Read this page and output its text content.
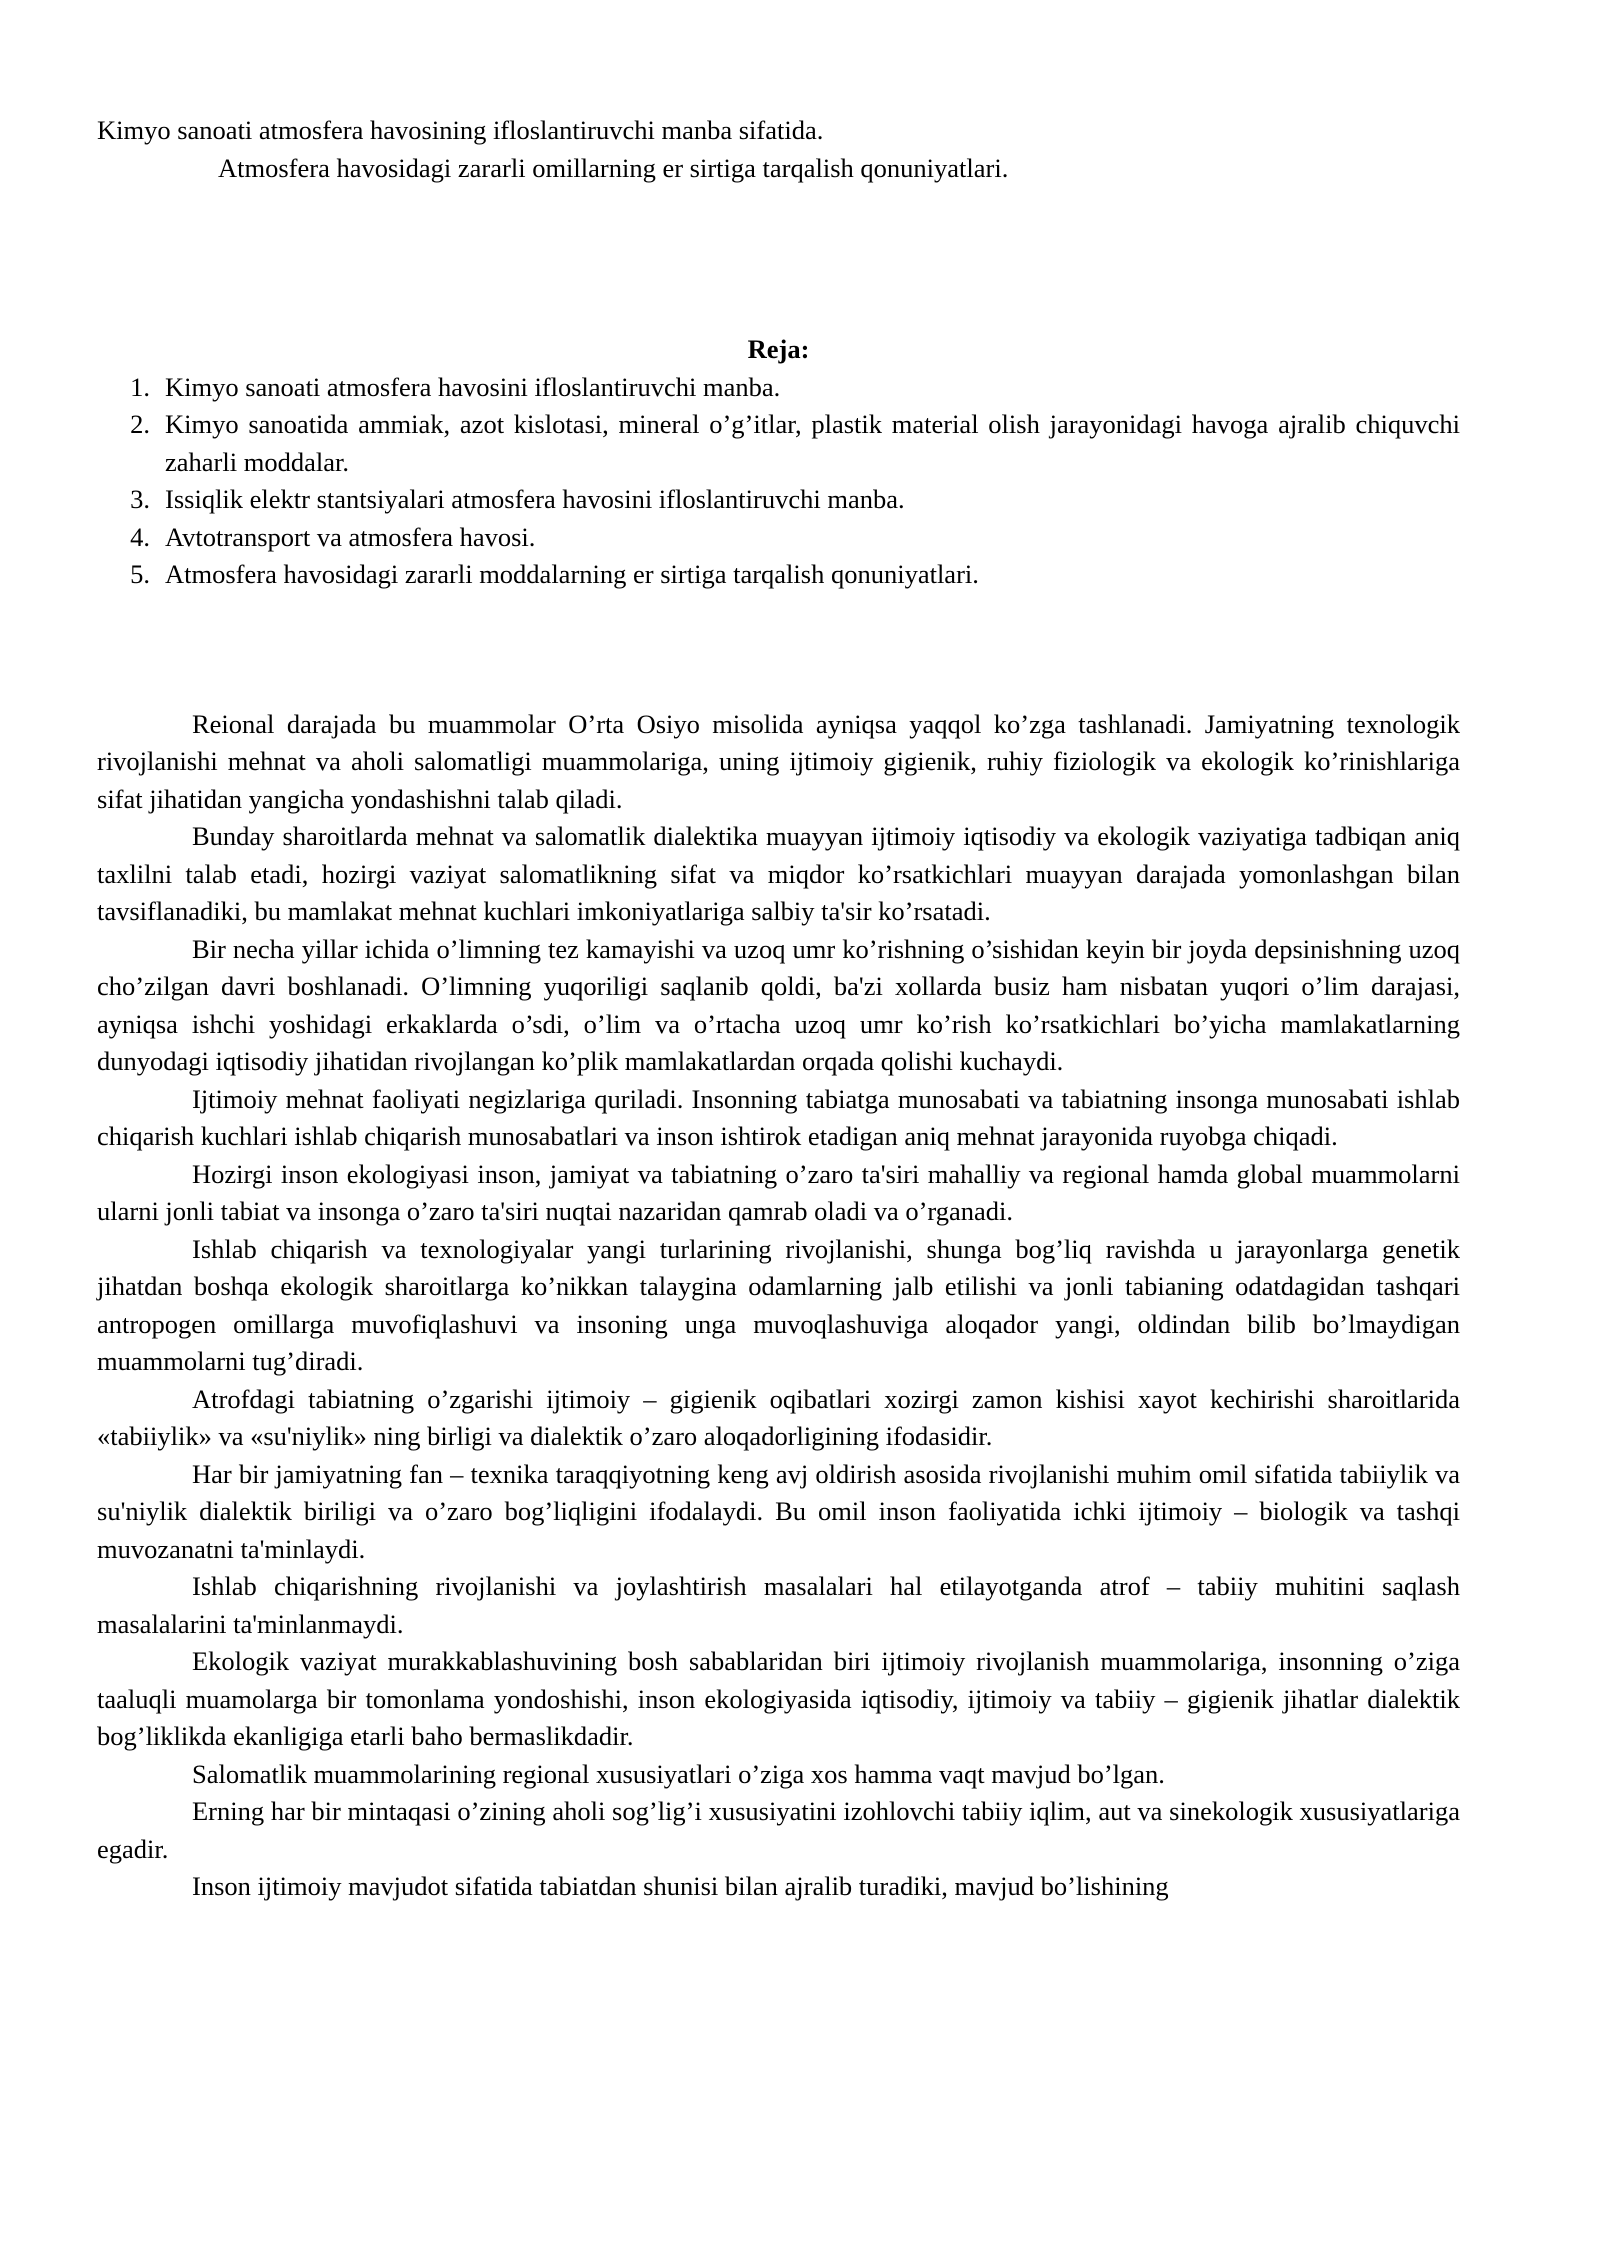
Kimyo sanoati atmosfera havosining ifloslantiruvchi manba sifatida.
Atmosfera havosidagi zararli omillarning er sirtiga tarqalish qonuniyatlari.
Reja:
1. Kimyo sanoati atmosfera havosini ifloslantiruvchi manba.
2. Kimyo sanoatida ammiak, azot kislotasi, mineral o’g’itlar, plastik material olish jarayonidagi havoga ajralib chiquvchi zaharli moddalar.
3. Issiqlik elektr stantsiyalari atmosfera havosini ifloslantiruvchi manba.
4. Avtotransport va atmosfera havosi.
5. Atmosfera havosidagi zararli moddalarning er sirtiga tarqalish qonuniyatlari.

Reional darajada bu muammolar O’rta Osiyo misolida ayniqsa yaqqol ko’zga tashlanadi. Jamiyatning texnologik rivojlanishi mehnat va aholi salomatligi muammolariga, uning ijtimoiy gigienik, ruhiy fiziologik va ekologik ko’rinishlariga sifat jihatidan yangicha yondashishni talab qiladi.

Bunday sharoitlarda mehnat va salomatlik dialektika muayyan ijtimoiy iqtisodiy va ekologik vaziyatiga tadbiqan aniq taxlilni talab etadi, hozirgi vaziyat salomatlikning sifat va miqdor ko’rsatkichlari muayyan darajada yomonlashgan bilan tavsiflanadiki, bu mamlakat mehnat kuchlari imkoniyatlariga salbiy ta'sir ko’rsatadi.

Bir necha yillar ichida o’limning tez kamayishi va uzoq umr ko’rishning o’sishidan keyin bir joyda depsinishning uzoq cho’zilgan davri boshlanadi. O’limning yuqoriligi saqlanib qoldi, ba'zi xollarda busiz ham nisbatan yuqori o’lim darajasi, ayniqsa ishchi yoshidagi erkaklarda o’sdi, o’lim va o’rtacha uzoq umr ko’rish ko’rsatkichlari bo’yicha mamlakatlarning dunyodagi iqtisodiy jihatidan rivojlangan ko’plik mamlakatlardan orqada qolishi kuchaydi.

Ijtimoiy mehnat faoliyati negizlariga quriladi. Insonning tabiatga munosabati va tabiatning insonga munosabati ishlab chiqarish kuchlari ishlab chiqarish munosabatlari va inson ishtirok etadigan aniq mehnat jarayonida ruyobga chiqadi.

Hozirgi inson ekologiyasi inson, jamiyat va tabiatning o’zaro ta'siri mahalliy va regional hamda global muammolarni ularni jonli tabiat va insonga o’zaro ta'siri nuqtai nazaridan qamrab oladi va o’rganadi.

Ishlab chiqarish va texnologiyalar yangi turlarining rivojlanishi, shunga bog’liq ravishda u jarayonlarga genetik jihatdan boshqa ekologik sharoitlarga ko’nikkan talaygina odamlarning jalb etilishi va jonli tabianing odatdagidan tashqari antropogen omillarga muvofiqlashuvi va insoning unga muvoqlashuviga aloqador yangi, oldindan bilib bo’lmaydigan muammolarni tug’diradi.

Atrofdagi tabiatning o’zgarishi ijtimoiy – gigienik oqibatlari xozirgi zamon kishisi xayot kechirishi sharoitlarida «tabiiylik» va «su'niylik» ning birligi va dialektik o’zaro aloqadorligining ifodasidir.

Har bir jamiyatning fan – texnika taraqqiyotning keng avj oldirish asosida rivojlanishi muhim omil sifatida tabiiylik va su'niylik dialektik biriligi va o’zaro bog’liqligini ifodalaydi. Bu omil inson faoliyatida ichki ijtimoiy – biologik va tashqi muvozanatni ta'minlaydi.

Ishlab chiqarishning rivojlanishi va joylashtirish masalalari hal etilayotganda atrof – tabiiy muhitini saqlash masalalarini ta'minlanmaydi.

Ekologik vaziyat murakkablashuvining bosh sabablaridan biri ijtimoiy rivojlanish muammolariga, insonning o’ziga taaluqli muamolarga bir tomonlama yondoshishi, inson ekologiyasida iqtisodiy, ijtimoiy va tabiiy – gigienik jihatlar dialektik bog’liklikda ekanligiga etarli baho bermaslikdadir.

Salomatlik muammolarining regional xususiyatlari o’ziga xos hamma vaqt mavjud bo’lgan.

Erning har bir mintaqasi o’zining aholi sog’lig’i xususiyatini izohlovchi tabiiy iqlim, aut va sinekologik xususiyatlariga egadir.

Inson ijtimoiy mavjudot sifatida tabiatdan shunisi bilan ajralib turadiki, mavjud bo’lishining
